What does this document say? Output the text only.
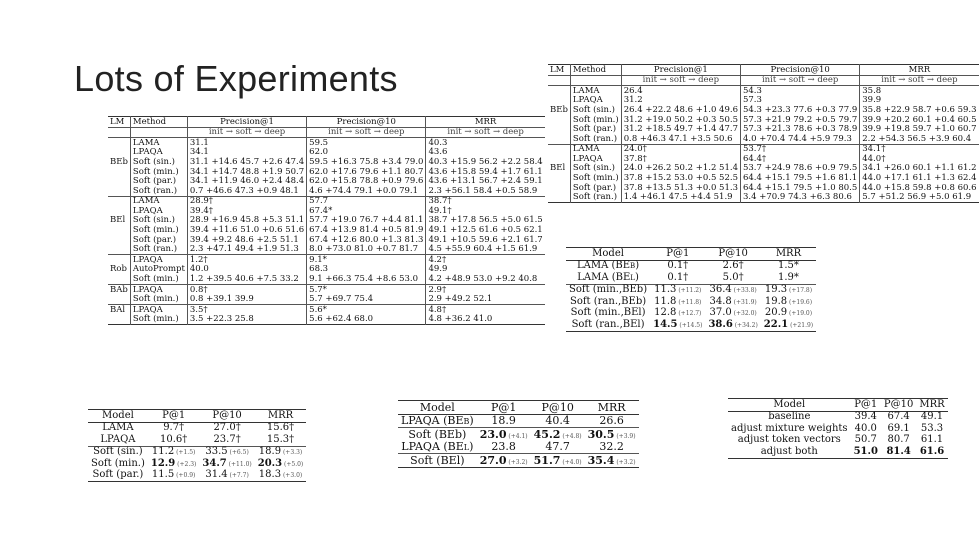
Lots of Experiments
LM	Method	Precision@1	Precision@10	MRR
		init → soft → deep	init → soft → deep	init → soft → deep
	LAMA	31.1	59.5	40.3
	LPAQA	34.1	62.0	43.6
BEb	Soft (sin.)	31.1 +14.6 45.7 +2.6 47.4	59.5 +16.3 75.8 +3.4 79.0	40.3 +15.9 56.2 +2.2 58.4
	Soft (min.)	34.1 +14.7 48.8 +1.9 50.7	62.0 +17.6 79.6 +1.1 80.7	43.6 +15.8 59.4 +1.7 61.1
	Soft (par.)	34.1 +11.9 46.0 +2.4 48.4	62.0 +15.8 78.8 +0.9 79.6	43.6 +13.1 56.7 +2.4 59.1
	Soft (ran.)	0.7 +46.6 47.3 +0.9 48.1	4.6 +74.4 79.1 +0.0 79.1	2.3 +56.1 58.4 +0.5 58.9
	LAMA	28.9†	57.7	38.7†
	LPAQA	39.4†	67.4*	49.1†
BEl	Soft (sin.)	28.9 +16.9 45.8 +5.3 51.1	57.7 +19.0 76.7 +4.4 81.1	38.7 +17.8 56.5 +5.0 61.5
	Soft (min.)	39.4 +11.6 51.0 +0.6 51.6	67.4 +13.9 81.4 +0.5 81.9	49.1 +12.5 61.6 +0.5 62.1
	Soft (par.)	39.4 +9.2 48.6 +2.5 51.1	67.4 +12.6 80.0 +1.3 81.3	49.1 +10.5 59.6 +2.1 61.7
	Soft (ran.)	2.3 +47.1 49.4 +1.9 51.3	8.0 +73.0 81.0 +0.7 81.7	4.5 +55.9 60.4 +1.5 61.9
	LPAQA	1.2†	9.1*	4.2†
Rob	AutoPrompt	40.0	68.3	49.9
	Soft (min.)	1.2 +39.5 40.6 +7.5 33.2	9.1 +66.3 75.4 +8.6 53.0	4.2 +48.9 53.0 +9.2 40.8
BAb	LPAQA	0.8†	5.7*	2.9†
	Soft (min.)	0.8 +39.1 39.9	5.7 +69.7 75.4	2.9 +49.2 52.1
BAl	LPAQA	3.5†	5.6*	4.8†
	Soft (min.)	3.5 +22.3 25.8	5.6 +62.4 68.0	4.8 +36.2 41.0
LM	Method	Precision@1	Precision@10	MRR
		init → soft → deep	init → soft → deep	init → soft → deep
	LAMA	26.4	54.3	35.8
	LPAQA	31.2	57.3	39.9
BEb	Soft (sin.)	26.4 +22.2 48.6 +1.0 49.6	54.3 +23.3 77.6 +0.3 77.9	35.8 +22.9 58.7 +0.6 59.3
	Soft (min.)	31.2 +19.0 50.2 +0.3 50.5	57.3 +21.9 79.2 +0.5 79.7	39.9 +20.2 60.1 +0.4 60.5
	Soft (par.)	31.2 +18.5 49.7 +1.4 47.7	57.3 +21.3 78.6 +0.3 78.9	39.9 +19.8 59.7 +1.0 60.7
	Soft (ran.)	0.8 +46.3 47.1 +3.5 50.6	4.0 +70.4 74.4 +5.9 79.3	2.2 +54.3 56.5 +3.9 60.4
	LAMA	24.0†	53.7†	34.1†
	LPAQA	37.8†	64.4†	44.0†
BEl	Soft (sin.)	24.0 +26.2 50.2 +1.2 51.4	53.7 +24.9 78.6 +0.9 79.5	34.1 +26.0 60.1 +1.1 61.2
	Soft (min.)	37.8 +15.2 53.0 +0.5 52.5	64.4 +15.1 79.5 +1.6 81.1	44.0 +17.1 61.1 +1.3 62.4
	Soft (par.)	37.8 +13.5 51.3 +0.0 51.3	64.4 +15.1 79.5 +1.0 80.5	44.0 +15.8 59.8 +0.8 60.6
	Soft (ran.)	1.4 +46.1 47.5 +4.4 51.9	3.4 +70.9 74.3 +6.3 80.6	5.7 +51.2 56.9 +5.0 61.9
Model	P@1	P@10	MRR
LAMA (BEb)	0.1†	2.6†	1.5*
LAMA (BEl)	0.1†	5.0†	1.9*
Soft (min.,BEb)	11.3 (+11.2)	36.4 (+33.8)	19.3 (+17.8)
Soft (ran.,BEb)	11.8 (+11.8)	34.8 (+31.9)	19.8 (+19.6)
Soft (min.,BEl)	12.8 (+12.7)	37.0 (+32.0)	20.9 (+19.0)
Soft (ran.,BEl)	14.5 (+14.5)	38.6 (+34.2)	22.1 (+21.9)
Model	P@1	P@10	MRR
LAMA	9.7†	27.0†	15.6†
LPAQA	10.6†	23.7†	15.3†
Soft (sin.)	11.2 (+1.5)	33.5 (+6.5)	18.9 (+3.3)
Soft (min.)	12.9 (+2.3)	34.7 (+11.0)	20.3 (+5.0)
Soft (par.)	11.5 (+0.9)	31.4 (+7.7)	18.3 (+3.0)
Model	P@1	P@10	MRR
LPAQA (BEb)	18.9	40.4	26.6
Soft (BEb)	23.0 (+4.1)	45.2 (+4.8)	30.5 (+3.9)
LPAQA (BEl)	23.8	47.7	32.2
Soft (BEl)	27.0 (+3.2)	51.7 (+4.0)	35.4 (+3.2)
Model	P@1	P@10	MRR
baseline	39.4	67.4	49.1
adjust mixture weights	40.0	69.1	53.3
adjust token vectors	50.7	80.7	61.1
adjust both	51.0	81.4	61.6
